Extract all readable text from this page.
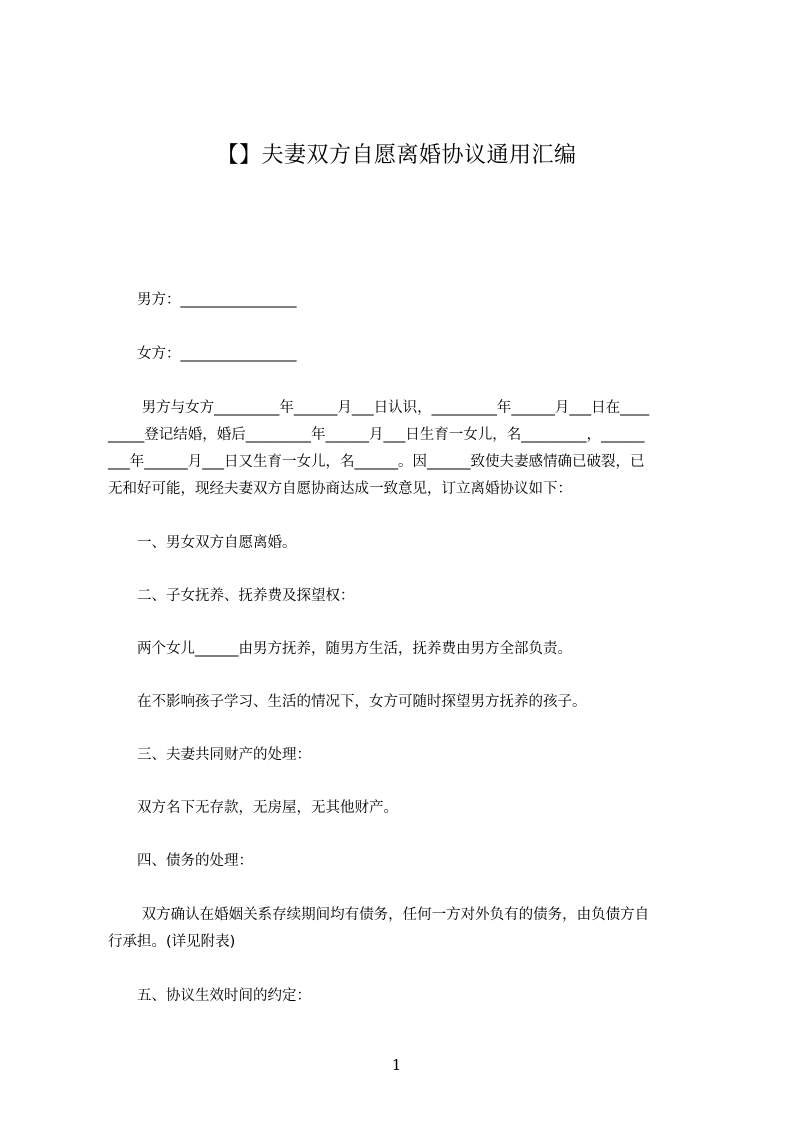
【】夫妻双方自愿离婚协议通用汇编
　　男方：________________
　　女方：________________
　　 男方与女方_________年______月___日认识，_________年______月___日在____
_____登记结婚，婚后_________年______月___日生育一女儿，名_________，______
___年______月___日又生育一女儿，名______。因______致使夫妻感情确已破裂，已
无和好可能，现经夫妻双方自愿协商达成一致意见，订立离婚协议如下：
　　一、男女双方自愿离婚。
　　二、子女抚养、抚养费及探望权：
　　两个女儿______由男方抚养，随男方生活，抚养费由男方全部负责。
　　在不影响孩子学习、生活的情况下，女方可随时探望男方抚养的孩子。
　　三、夫妻共同财产的处理：
　　双方名下无存款，无房屋，无其他财产。
　　四、债务的处理：
　　 双方确认在婚姻关系存续期间均有债务，任何一方对外负有的债务，由负债方自
行承担。(详见附表)
　　五、协议生效时间的约定：
1
